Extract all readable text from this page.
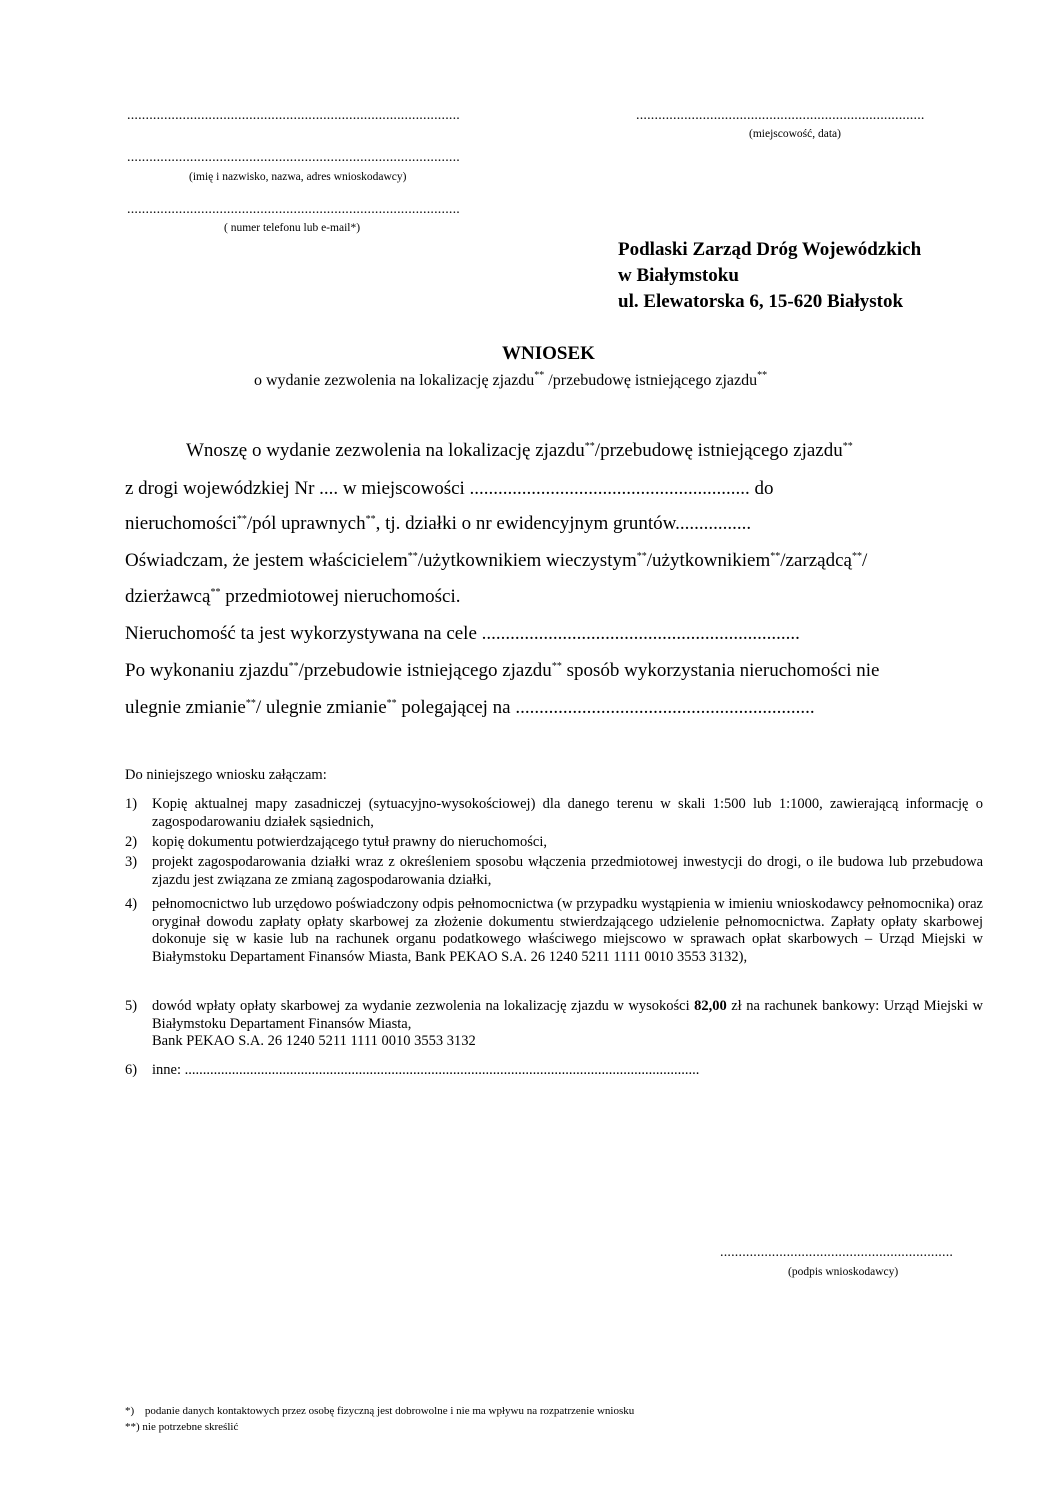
..........................................................................................	..............................................................................
(miejscowość, data)
..........................................................................................
(imię i nazwisko, nazwa, adres wnioskodawcy)
..........................................................................................
( numer telefonu lub e-mail*)
Podlaski Zarząd Dróg Wojewódzkich
w Białymstoku
ul. Elewatorska 6, 15-620 Białystok
WNIOSEK
o wydanie zezwolenia na lokalizację zjazdu** /przebudowę istniejącego zjazdu**
Wnoszę o wydanie zezwolenia na lokalizację zjazdu**/przebudowę istniejącego zjazdu**
z drogi wojewódzkiej Nr .... w miejscowości ........................................................... do
nieruchomości**/pól uprawnych**, tj. działki o nr ewidencyjnym gruntów................
Oświadczam, że jestem właścicielem**/użytkownikiem wieczystym**/użytkownikiem**/zarządcą**/
dzierżawcą** przedmiotowej nieruchomości.
Nieruchomość ta jest wykorzystywana na cele ...................................................................
Po wykonaniu zjazdu**/przebudowie istniejącego zjazdu** sposób wykorzystania nieruchomości nie
ulegnie zmianie**/ ulegnie zmianie** polegającej na ...............................................................
Do niniejszego wniosku załączam:
1) Kopię aktualnej mapy zasadniczej (sytuacyjno-wysokościowej) dla danego terenu w skali 1:500 lub 1:1000, zawierającą informację o zagospodarowaniu działek sąsiednich,
2) kopię dokumentu potwierdzającego tytuł prawny do nieruchomości,
3) projekt zagospodarowania działki wraz z określeniem sposobu włączenia przedmiotowej inwestycji do drogi, o ile budowa lub przebudowa zjazdu jest związana ze zmianą zagospodarowania działki,
4) pełnomocnictwo lub urzędowo poświadczony odpis pełnomocnictwa (w przypadku wystąpienia w imieniu wnioskodawcy pełnomocnika) oraz oryginał dowodu zapłaty opłaty skarbowej za złożenie dokumentu stwierdzającego udzielenie pełnomocnictwa. Zapłaty opłaty skarbowej dokonuje się w kasie lub na rachunek organu podatkowego właściwego miejscowo w sprawach opłat skarbowych – Urząd Miejski w Białymstoku Departament Finansów Miasta, Bank PEKAO S.A. 26 1240 5211 1111 0010 3553 3132),
5) dowód wpłaty opłaty skarbowej za wydanie zezwolenia na lokalizację zjazdu w wysokości 82,00 zł na rachunek bankowy: Urząd Miejski w Białymstoku Departament Finansów Miasta,
Bank PEKAO S.A. 26 1240 5211 1111 0010 3553 3132
6) inne: ..............................................................................................................................................
...............................................................
(podpis wnioskodawcy)
*) podanie danych kontaktowych przez osobę fizyczną jest dobrowolne i nie ma wpływu na rozpatrzenie wniosku
**) nie potrzebne skreślić
